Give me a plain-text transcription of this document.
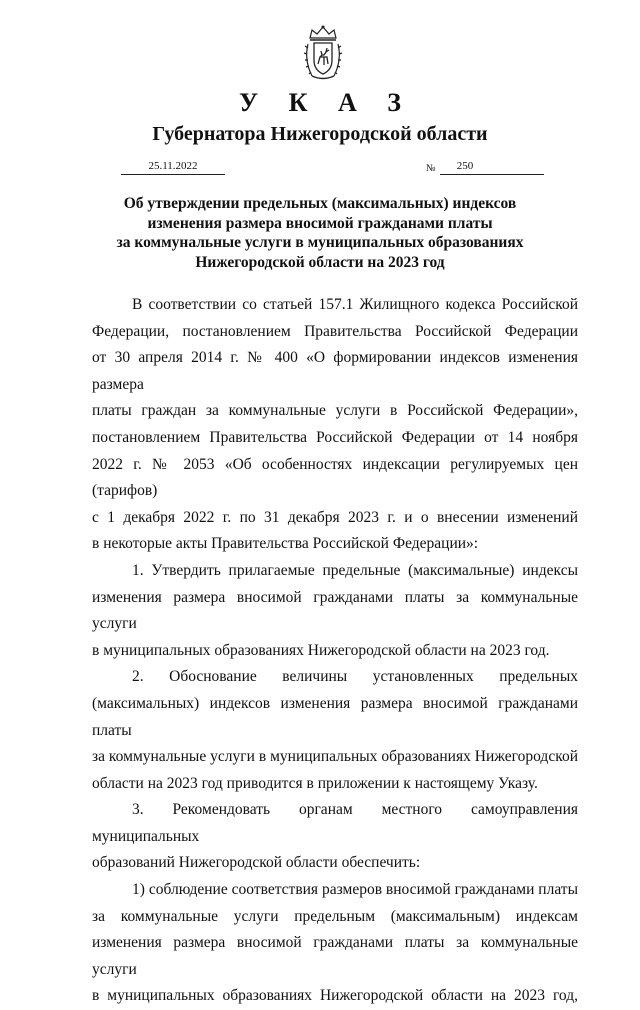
У К А З
Губернатора Нижегородской области
25.11.2022	№	250
Об утверждении предельных (максимальных) индексов
изменения размера вносимой гражданами платы
за коммунальные услуги в муниципальных образованиях
Нижегородской области на 2023 год

В соответствии со статьей 157.1 Жилищного кодекса Российской

Федерации, постановлением Правительства Российской Федерации

от 30 апреля 2014 г. № 400 «О формировании индексов изменения размера

платы граждан за коммунальные услуги в Российской Федерации»,

постановлением Правительства Российской Федерации от 14 ноября

2022 г. № 2053 «Об особенностях индексации регулируемых цен (тарифов)

с 1 декабря 2022 г. по 31 декабря 2023 г. и о внесении изменений

в некоторые акты Правительства Российской Федерации»:

1. Утвердить прилагаемые предельные (максимальные) индексы

изменения размера вносимой гражданами платы за коммунальные услуги

в муниципальных образованиях Нижегородской области на 2023 год.

2. Обоснование величины установленных предельных

(максимальных) индексов изменения размера вносимой гражданами платы

за коммунальные услуги в муниципальных образованиях Нижегородской

области на 2023 год приводится в приложении к настоящему Указу.

3. Рекомендовать органам местного самоуправления муниципальных

образований Нижегородской области обеспечить:

1) соблюдение соответствия размеров вносимой гражданами платы

за коммунальные услуги предельным (максимальным) индексам

изменения размера вносимой гражданами платы за коммунальные услуги

в муниципальных образованиях Нижегородской области на 2023 год,
